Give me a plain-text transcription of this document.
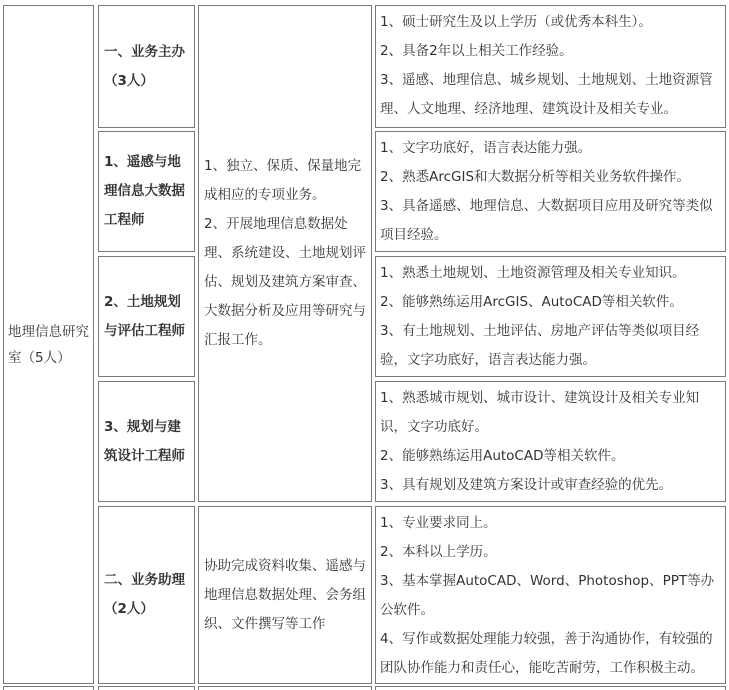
地理信息研究室（5人）
一、业务主办
（3人）
1、遥感与地理信息大数据工程师
2、土地规划与评估工程师
3、规划与建筑设计工程师
二、业务助理
（2人）

1、独立、保质、保量地完成相应的专项业务。

2、开展地理信息数据处理、系统建设、土地规划评估、规划及建筑方案审查、大数据分析及应用等研究与汇报工作。

协助完成资料收集、遥感与地理信息数据处理、会务组织、文件撰写等工作

1、硕士研究生及以上学历（或优秀本科生）。

2、具备2年以上相关工作经验。

3、遥感、地理信息、城乡规划、土地规划、土地资源管理、人文地理、经济地理、建筑设计及相关专业。

1、文字功底好，语言表达能力强。

2、熟悉ArcGIS和大数据分析等相关业务软件操作。

3、具备遥感、地理信息、大数据项目应用及研究等类似项目经验。

1、熟悉土地规划、土地资源管理及相关专业知识。

2、能够熟练运用ArcGIS、AutoCAD等相关软件。

3、有土地规划、土地评估、房地产评估等类似项目经验，文字功底好，语言表达能力强。

1、熟悉城市规划、城市设计、建筑设计及相关专业知识，文字功底好。

2、能够熟练运用AutoCAD等相关软件。

3、具有规划及建筑方案设计或审查经验的优先。

1、专业要求同上。

2、本科以上学历。

3、基本掌握AutoCAD、Word、Photoshop、PPT等办公软件。

4、写作或数据处理能力较强，善于沟通协作，有较强的团队协作能力和责任心，能吃苦耐劳，工作积极主动。
